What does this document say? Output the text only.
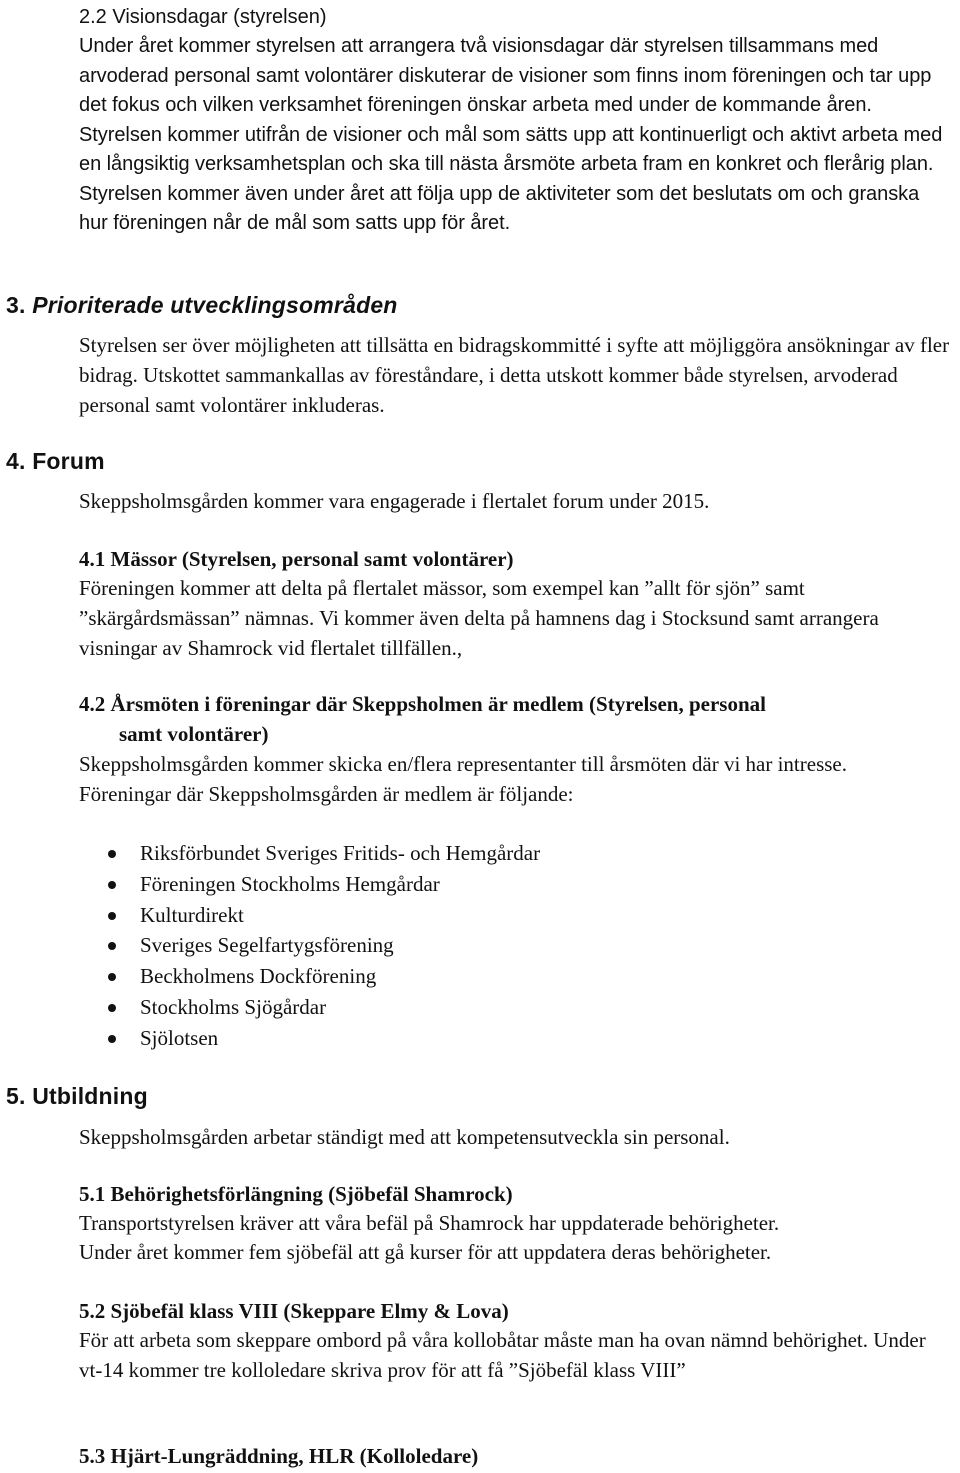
2.2 Visionsdagar (styrelsen)
Under året kommer styrelsen att arrangera två visionsdagar där styrelsen tillsammans med arvoderad personal samt volontärer diskuterar de visioner som finns inom föreningen och tar upp det fokus och vilken verksamhet föreningen önskar arbeta med under de kommande åren. Styrelsen kommer utifrån de visioner och mål som sätts upp att kontinuerligt och aktivt arbeta med en långsiktig verksamhetsplan och ska till nästa årsmöte arbeta fram en konkret och flerårig plan. Styrelsen kommer även under året att följa upp de aktiviteter som det beslutats om och granska hur föreningen når de mål som satts upp för året.
3. Prioriterade utvecklingsområden
Styrelsen ser över möjligheten att tillsätta en bidragskommitté i syfte att möjliggöra ansökningar av fler bidrag. Utskottet sammankallas av föreståndare, i detta utskott kommer både styrelsen, arvoderad personal samt volontärer inkluderas.
4. Forum
Skeppsholmsgården kommer vara engagerade i flertalet forum under 2015.
4.1 Mässor (Styrelsen, personal samt volontärer)
Föreningen kommer att delta på flertalet mässor, som exempel kan ”allt för sjön” samt ”skärgårdsmässan” nämnas. Vi kommer även delta på hamnens dag i Stocksund samt arrangera visningar av Shamrock vid flertalet tillfällen.,
4.2 Årsmöten i föreningar där Skeppsholmen är medlem (Styrelsen, personal
samt volontärer)
Skeppsholmsgården kommer skicka en/flera representanter till årsmöten där vi har intresse. Föreningar där Skeppsholmsgården är medlem är följande:
Riksförbundet Sveriges Fritids- och Hemgårdar
Föreningen Stockholms Hemgårdar
Kulturdirekt
Sveriges Segelfartygsförening
Beckholmens Dockförening
Stockholms Sjögårdar
Sjölotsen
5. Utbildning
Skeppsholmsgården arbetar ständigt med att kompetensutveckla sin personal.
5.1 Behörighetsförlängning (Sjöbefäl Shamrock)
Transportstyrelsen kräver att våra befäl på Shamrock har uppdaterade behörigheter.
Under året kommer fem sjöbefäl att gå kurser för att uppdatera deras behörigheter.
5.2 Sjöbefäl klass VIII (Skeppare Elmy & Lova)
För att arbeta som skeppare ombord på våra kollobåtar måste man ha ovan nämnd behörighet. Under vt-14 kommer tre kolloledare skriva prov för att få ”Sjöbefäl klass VIII”
5.3 Hjärt-Lungräddning, HLR (Kolloledare)
